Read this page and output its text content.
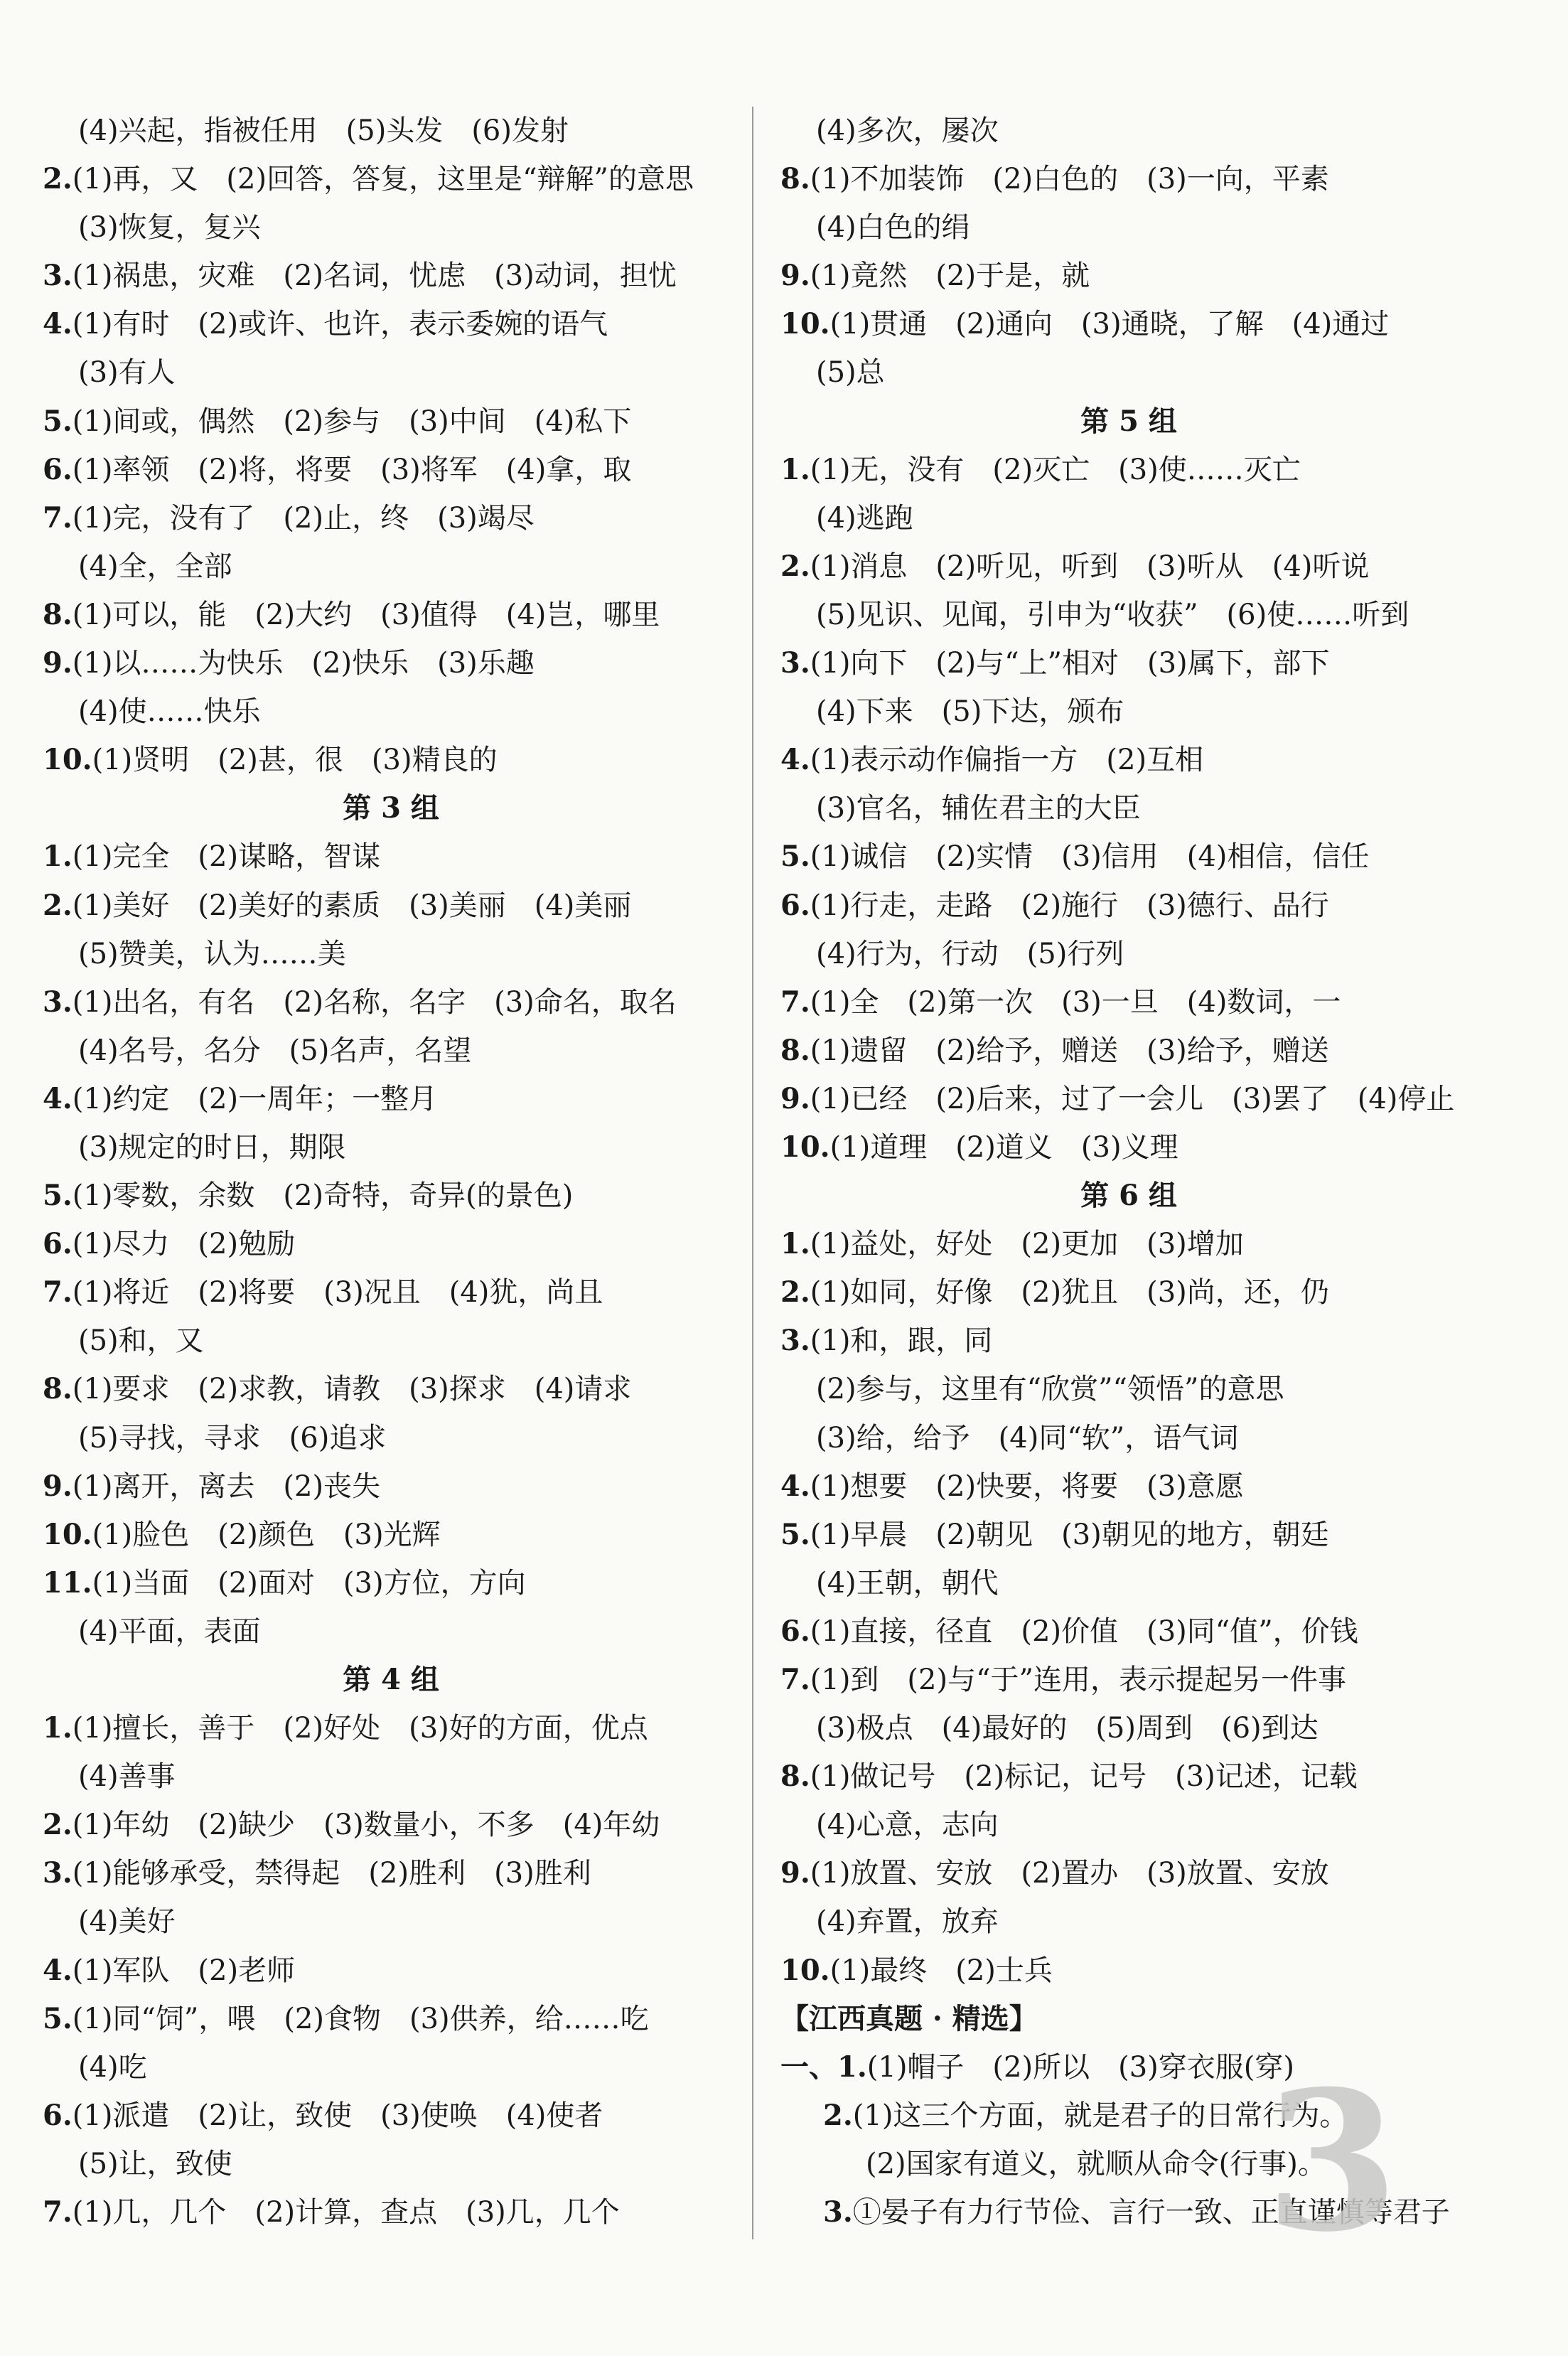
(4)兴起，指被任用　(5)头发　(6)发射
2.(1)再，又　(2)回答，答复，这里是“辩解”的意思
(3)恢复，复兴
3.(1)祸患，灾难　(2)名词，忧虑　(3)动词，担忧
4.(1)有时　(2)或许、也许，表示委婉的语气
(3)有人
5.(1)间或，偶然　(2)参与　(3)中间　(4)私下
6.(1)率领　(2)将，将要　(3)将军　(4)拿，取
7.(1)完，没有了　(2)止，终　(3)竭尽
(4)全，全部
8.(1)可以，能　(2)大约　(3)值得　(4)岂，哪里
9.(1)以……为快乐　(2)快乐　(3)乐趣
(4)使……快乐
10.(1)贤明　(2)甚，很　(3)精良的
第 3 组
1.(1)完全　(2)谋略，智谋
2.(1)美好　(2)美好的素质　(3)美丽　(4)美丽
(5)赞美，认为……美
3.(1)出名，有名　(2)名称，名字　(3)命名，取名
(4)名号，名分　(5)名声，名望
4.(1)约定　(2)一周年；一整月
(3)规定的时日，期限
5.(1)零数，余数　(2)奇特，奇异(的景色)
6.(1)尽力　(2)勉励
7.(1)将近　(2)将要　(3)况且　(4)犹，尚且
(5)和，又
8.(1)要求　(2)求教，请教　(3)探求　(4)请求
(5)寻找，寻求　(6)追求
9.(1)离开，离去　(2)丧失
10.(1)脸色　(2)颜色　(3)光辉
11.(1)当面　(2)面对　(3)方位，方向
(4)平面，表面
第 4 组
1.(1)擅长，善于　(2)好处　(3)好的方面，优点
(4)善事
2.(1)年幼　(2)缺少　(3)数量小，不多　(4)年幼
3.(1)能够承受，禁得起　(2)胜利　(3)胜利
(4)美好
4.(1)军队　(2)老师
5.(1)同“饲”，喂　(2)食物　(3)供养，给……吃
(4)吃
6.(1)派遣　(2)让，致使　(3)使唤　(4)使者
(5)让，致使
7.(1)几，几个　(2)计算，查点　(3)几，几个
(4)多次，屡次
8.(1)不加装饰　(2)白色的　(3)一向，平素
(4)白色的绢
9.(1)竟然　(2)于是，就
10.(1)贯通　(2)通向　(3)通晓，了解　(4)通过
(5)总
第 5 组
1.(1)无，没有　(2)灭亡　(3)使……灭亡
(4)逃跑
2.(1)消息　(2)听见，听到　(3)听从　(4)听说
(5)见识、见闻，引申为“收获”　(6)使……听到
3.(1)向下　(2)与“上”相对　(3)属下，部下
(4)下来　(5)下达，颁布
4.(1)表示动作偏指一方　(2)互相
(3)官名，辅佐君主的大臣
5.(1)诚信　(2)实情　(3)信用　(4)相信，信任
6.(1)行走，走路　(2)施行　(3)德行、品行
(4)行为，行动　(5)行列
7.(1)全　(2)第一次　(3)一旦　(4)数词，一
8.(1)遗留　(2)给予，赠送　(3)给予，赠送
9.(1)已经　(2)后来，过了一会儿　(3)罢了　(4)停止
10.(1)道理　(2)道义　(3)义理
第 6 组
1.(1)益处，好处　(2)更加　(3)增加
2.(1)如同，好像　(2)犹且　(3)尚，还，仍
3.(1)和，跟，同
(2)参与，这里有“欣赏”“领悟”的意思
(3)给，给予　(4)同“软”，语气词
4.(1)想要　(2)快要，将要　(3)意愿
5.(1)早晨　(2)朝见　(3)朝见的地方，朝廷
(4)王朝，朝代
6.(1)直接，径直　(2)价值　(3)同“值”，价钱
7.(1)到　(2)与“于”连用，表示提起另一件事
(3)极点　(4)最好的　(5)周到　(6)到达
8.(1)做记号　(2)标记，记号　(3)记述，记载
(4)心意，志向
9.(1)放置、安放　(2)置办　(3)放置、安放
(4)弃置，放弃
10.(1)最终　(2)士兵
【江西真题 · 精选】
一、1.(1)帽子　(2)所以　(3)穿衣服(穿)
2.(1)这三个方面，就是君子的日常行为。
(2)国家有道义，就顺从命令(行事)。
3.①晏子有力行节俭、言行一致、正直谨慎等君子
3
